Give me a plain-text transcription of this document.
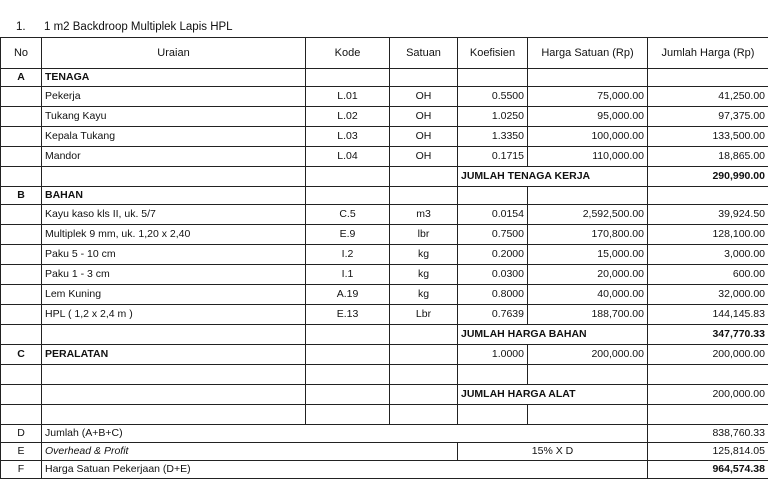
1. 1 m2 Backdroop Multiplek Lapis HPL
No	Uraian	Kode	Satuan	Koefisien	Harga Satuan (Rp)	Jumlah Harga (Rp)
A	TENAGA					
	Pekerja	L.01	OH	0.5500	75,000.00	41,250.00
	Tukang Kayu	L.02	OH	1.0250	95,000.00	97,375.00
	Kepala Tukang	L.03	OH	1.3350	100,000.00	133,500.00
	Mandor	L.04	OH	0.1715	110,000.00	18,865.00
				JUMLAH TENAGA KERJA		290,990.00
B	BAHAN					
	Kayu kaso kls II, uk. 5/7	C.5	m3	0.0154	2,592,500.00	39,924.50
	Multiplek 9 mm, uk. 1,20 x 2,40	E.9	lbr	0.7500	170,800.00	128,100.00
	Paku 5 - 10 cm	I.2	kg	0.2000	15,000.00	3,000.00
	Paku 1 - 3 cm	I.1	kg	0.0300	20,000.00	600.00
	Lem Kuning	A.19	kg	0.8000	40,000.00	32,000.00
	HPL ( 1,2 x 2,4 m )	E.13	Lbr	0.7639	188,700.00	144,145.83
				JUMLAH HARGA BAHAN		347,770.33
C	PERALATAN			1.0000	200,000.00	200,000.00

				JUMLAH HARGA ALAT		200,000.00

D	Jumlah (A+B+C)					838,760.33
E	Overhead & Profit			15% X D		125,814.05
F	Harga Satuan Pekerjaan (D+E)					964,574.38
